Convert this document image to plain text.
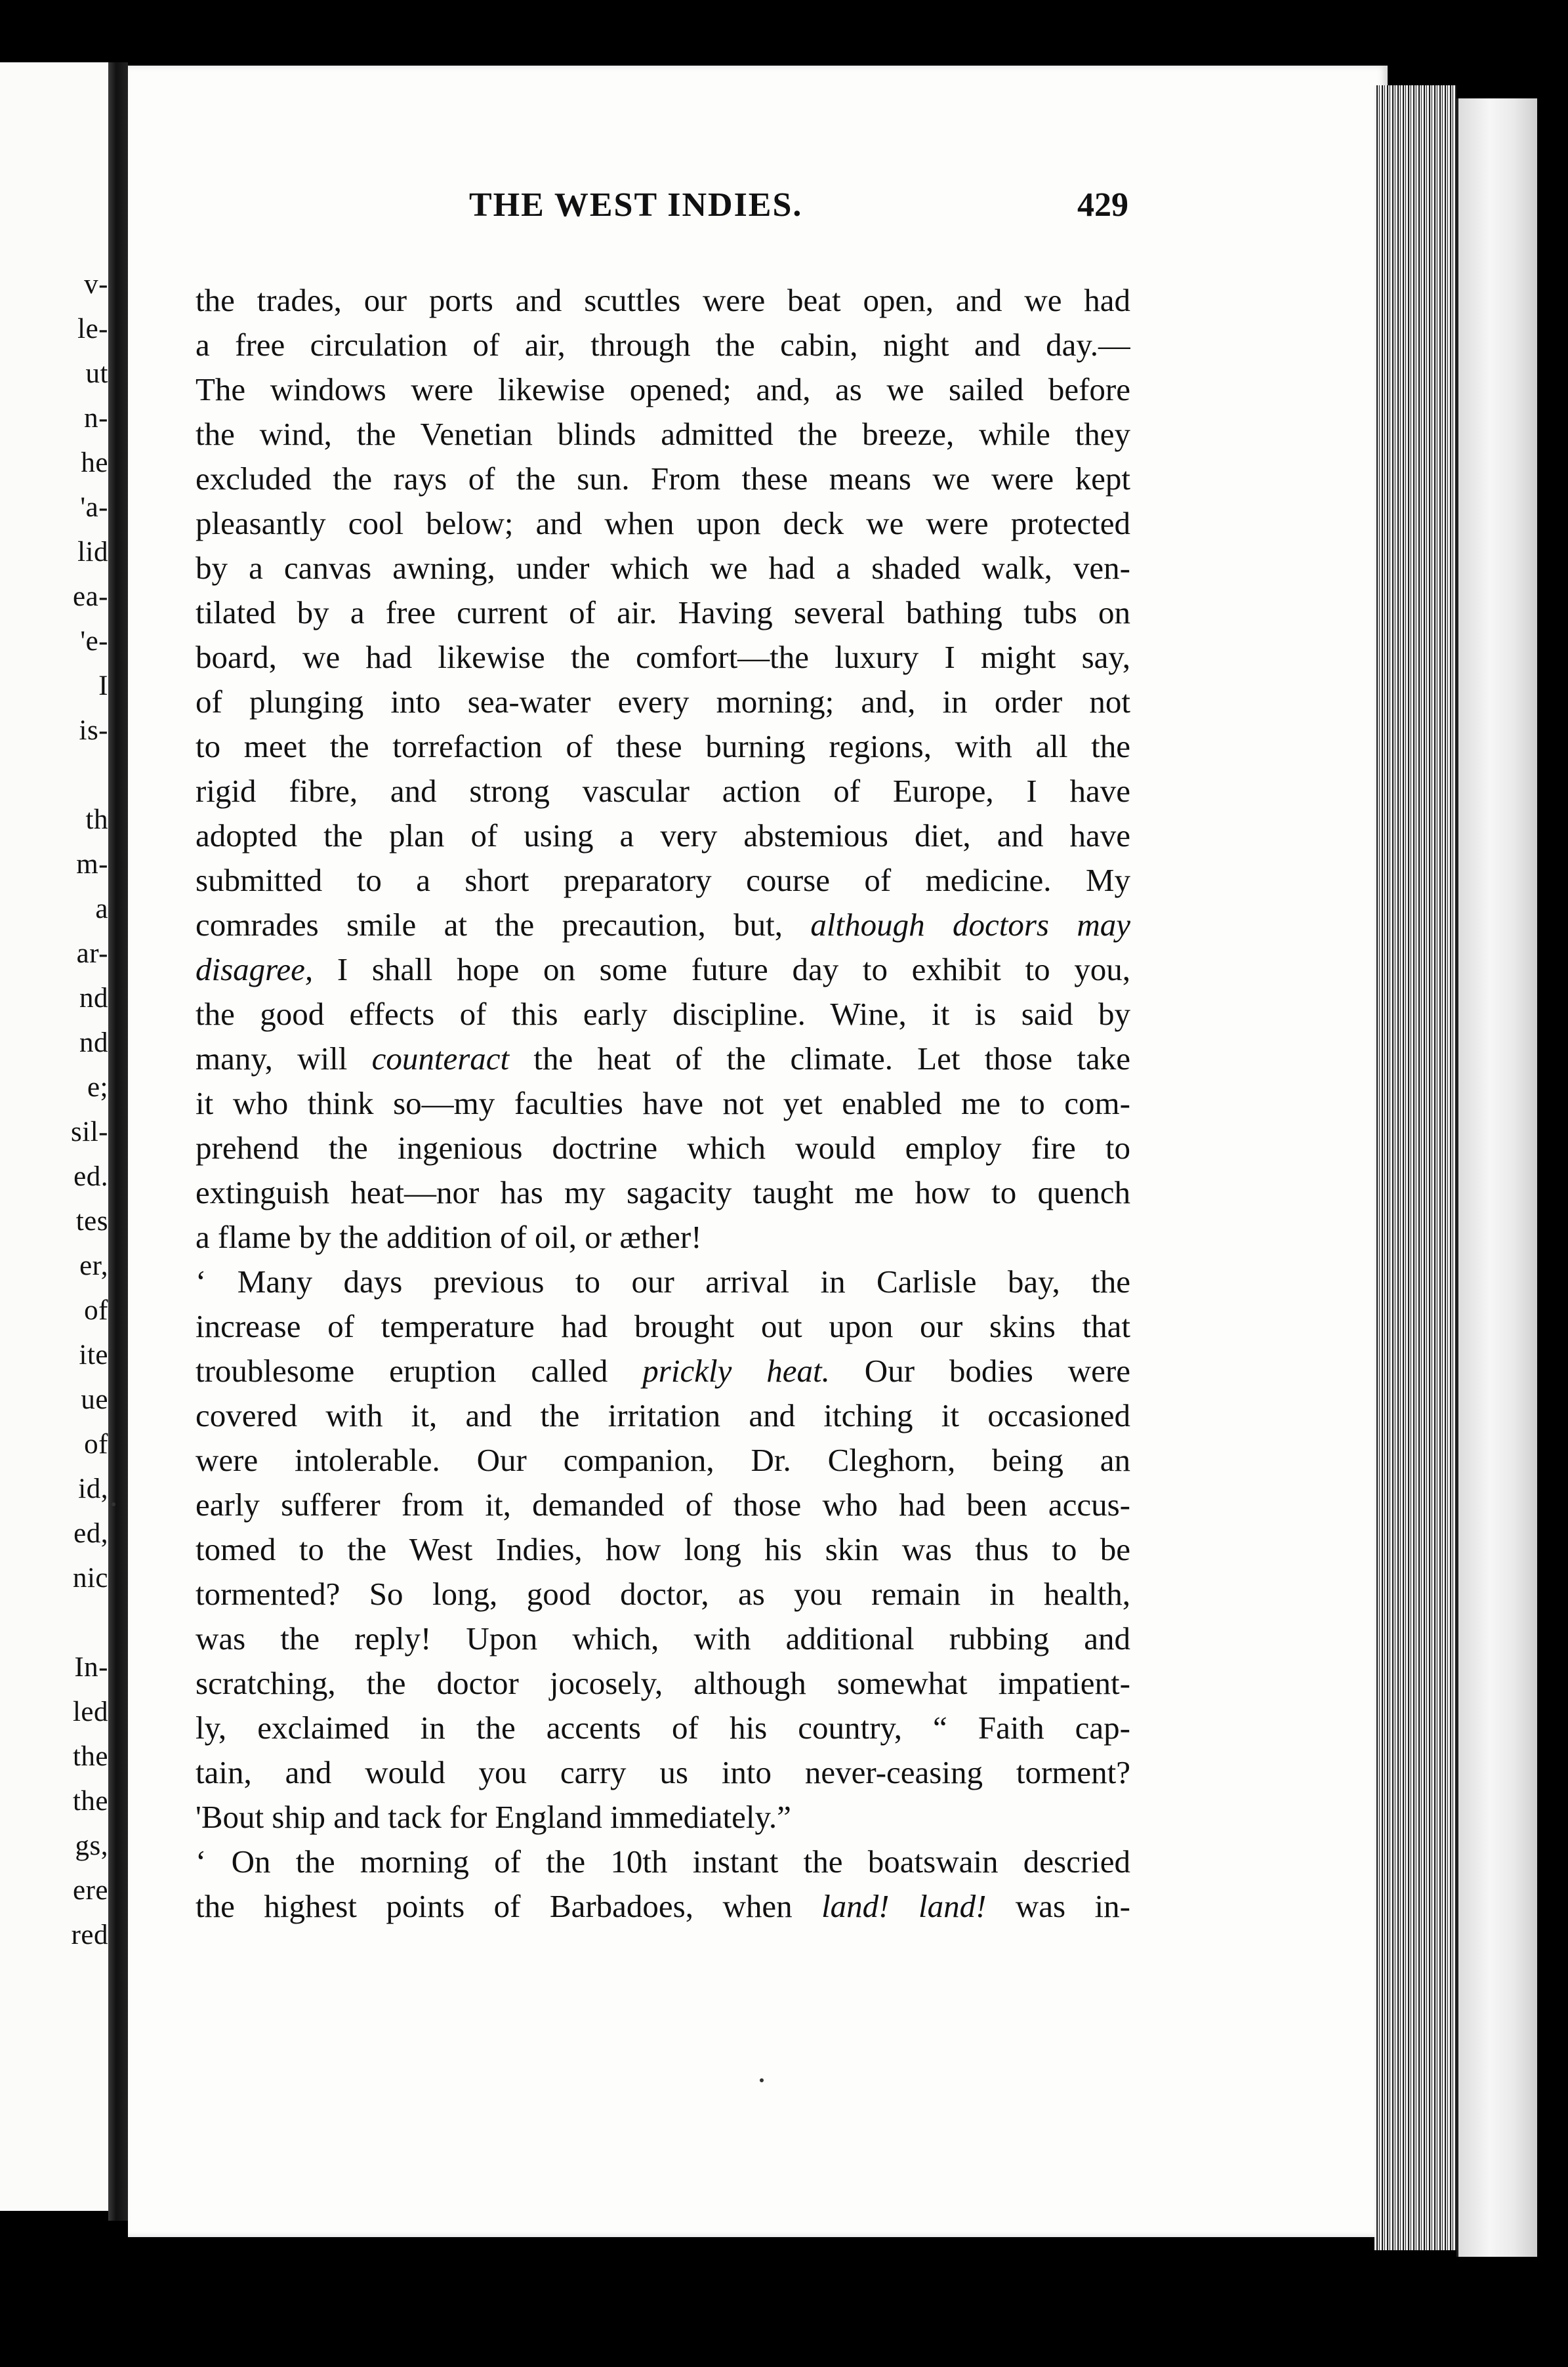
v-
le-
ut
n-
he
'a-
lid
ea-
'e-
I
is-

th
m-
a
ar-
nd
nd
e;
sil-
ed.
tes
er,
of
ite
ue
of
id,
ed,
nic

In-
led
the
the
gs,
ere
red
THE WEST INDIES.	429
the trades, our ports and scuttles were beat open, and we had
a free circulation of air, through the cabin, night and day.—
The windows were likewise opened; and, as we sailed before
the wind, the Venetian blinds admitted the breeze, while they
excluded the rays of the sun. From these means we were kept
pleasantly cool below; and when upon deck we were protected
by a canvas awning, under which we had a shaded walk, ven-
tilated by a free current of air. Having several bathing tubs on
board, we had likewise the comfort—the luxury I might say,
of plunging into sea-water every morning; and, in order not
to meet the torrefaction of these burning regions, with all the
rigid fibre, and strong vascular action of Europe, I have
adopted the plan of using a very abstemious diet, and have
submitted to a short preparatory course of medicine. My
comrades smile at the precaution, but, although doctors may
disagree, I shall hope on some future day to exhibit to you,
the good effects of this early discipline. Wine, it is said by
many, will counteract the heat of the climate. Let those take
it who think so—my faculties have not yet enabled me to com-
prehend the ingenious doctrine which would employ fire to
extinguish heat—nor has my sagacity taught me how to quench
a flame by the addition of oil, or æther!
‘ Many days previous to our arrival in Carlisle bay, the
increase of temperature had brought out upon our skins that
troublesome eruption called prickly heat. Our bodies were
covered with it, and the irritation and itching it occasioned
were intolerable. Our companion, Dr. Cleghorn, being an
early sufferer from it, demanded of those who had been accus-
tomed to the West Indies, how long his skin was thus to be
tormented? So long, good doctor, as you remain in health,
was the reply! Upon which, with additional rubbing and
scratching, the doctor jocosely, although somewhat impatient-
ly, exclaimed in the accents of his country, “ Faith cap-
tain, and would you carry us into never-ceasing torment?
'Bout ship and tack for England immediately.”
‘ On the morning of the 10th instant the boatswain descried
the highest points of Barbadoes, when land! land! was in-
